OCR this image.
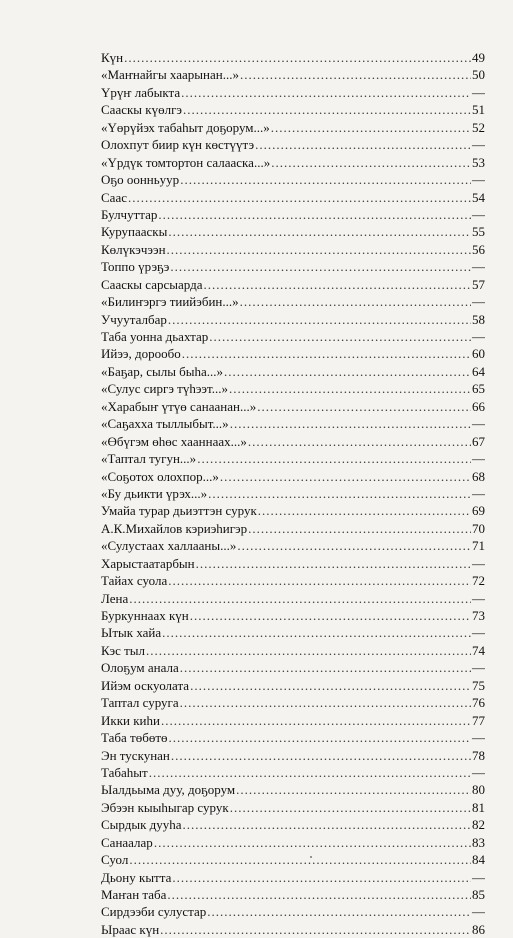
Күн .....	49
«Маҥнайгы хаарынан...» .....	50
Үрүҥ лабыкта .....	—
Сааскы күөлгэ .....	51
«Үөрүйэх табаһыт доҕорум...» .....	52
Олохпут биир күн көстүүтэ .....	—
«Үрдүк томтортон салааска...» .....	53
Оҕо оонньуур .....	—
Саас .....	54
Булчуттар .....	—
Курупааскы .....	55
Көлүкэчээн .....	56
Топпо үрэҕэ .....	—
Сааскы сарсыарда .....	57
«Билиҥэргэ тиийэбин...» .....	—
Учууталбар .....	58
Таба уонна дьахтар .....	—
Ийээ, дорообо .....	60
«Баҕар, сылы быһа...» .....	64
«Сулус сиргэ түһээт...» .....	65
«Харабыҥ үтүө санаанан...» .....	66
«Саҕахха тыллыбыт...» .....	—
«Өбүгэм өһөс хааннаах...» .....	67
«Таптал тугун...» .....	—
«Соҕотох олохпор...» .....	68
«Бу дьикти үрэх...» .....	—
Умайа турар дьиэттэн сурук .....	69
А.К.Михайлов кэриэһигэр .....	70
«Сулустаах халлааны...» .....	71
Харыстаатарбын .....	—
Тайах суола .....	72
Лена .....	—
Буркуннаах күн .....	73
Ытык хайа .....	—
Кэс тыл .....	74
Олоҕум анала .....	—
Ийэм оскуолата .....	75
Таптал суруга .....	76
Икки киһи .....	77
Таба төбөтө .....	—
Эн тускунан .....	78
Табаһыт .....	—
Ыалдьыма дуу, доҕорум .....	80
Эбээн кыыһыгар сурук .....	81
Сырдык дууһа .....	82
Санаалар .....	83
Суол .....	84
Дьону кытта .....	—
Маҥан таба .....	85
Сирдээби сулустар .....	—
Ыраас күн .....	86
